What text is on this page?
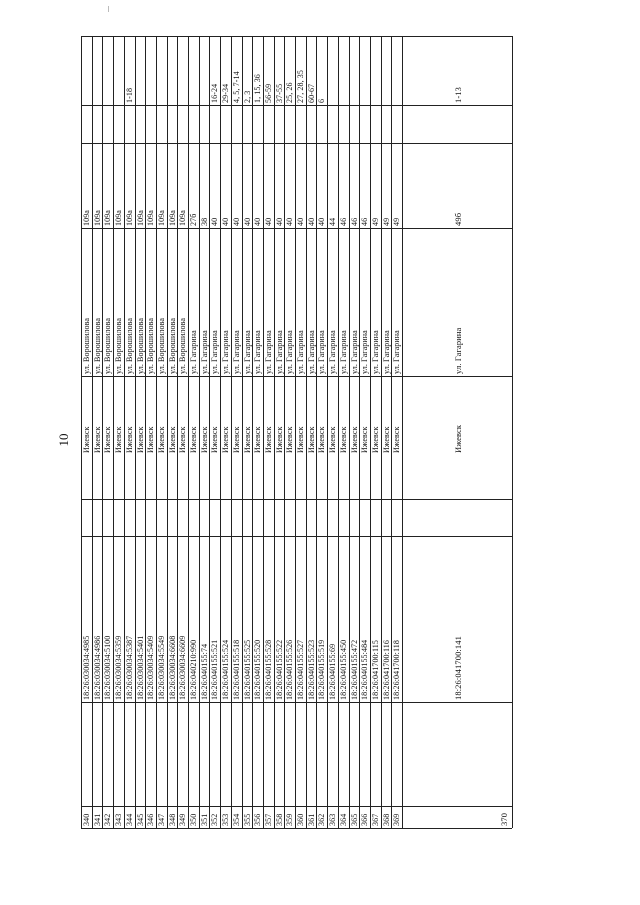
10
340
18:26:030034:4985
Ижевск
ул. Ворошилова
109а
341
18:26:030034:4986
Ижевск
ул. Ворошилова
109а
342
18:26:030034:5100
Ижевск
ул. Ворошилова
109а
343
18:26:030034:5359
Ижевск
ул. Ворошилова
109а
344
18:26:030034:5387
Ижевск
ул. Ворошилова
109а
1-18
345
18:26:030034:5401
Ижевск
ул. Ворошилова
109а
346
18:26:030034:5409
Ижевск
ул. Ворошилова
109а
347
18:26:030034:5549
Ижевск
ул. Ворошилова
109а
348
18:26:030034:6608
Ижевск
ул. Ворошилова
109а
349
18:26:030034:6609
Ижевск
ул. Ворошилова
109а
350
18:26:040210:990
Ижевск
ул. Гагарина
27б
351
18:26:040155:74
Ижевск
ул. Гагарина
38
352
18:26:040155:521
Ижевск
ул. Гагарина
40
16-24
353
18:26:040155:524
Ижевск
ул. Гагарина
40
29-34
354
18:26:040155:518
Ижевск
ул. Гагарина
40
4, 5, 7-14
355
18:26:040155:525
Ижевск
ул. Гагарина
40
2, 3
356
18:26:040155:520
Ижевск
ул. Гагарина
40
1, 15, 36
357
18:26:040155:528
Ижевск
ул. Гагарина
40
56-59
358
18:26:040155:522
Ижевск
ул. Гагарина
40
37-55
359
18:26:040155:526
Ижевск
ул. Гагарина
40
25, 26
360
18:26:040155:527
Ижевск
ул. Гагарина
40
27, 28, 35
361
18:26:040155:523
Ижевск
ул. Гагарина
40
60-67
362
18:26:040155:519
Ижевск
ул. Гагарина
40
6
363
18:26:040155:69
Ижевск
ул. Гагарина
44
364
18:26:040155:450
Ижевск
ул. Гагарина
46
365
18:26:040155:472
Ижевск
ул. Гагарина
46
366
18:26:040155:484
Ижевск
ул. Гагарина
46
367
18:26:041700:115
Ижевск
ул. Гагарина
49
368
18:26:041700:116
Ижевск
ул. Гагарина
49
369
18:26:041700:118
Ижевск
ул. Гагарина
49
370
18:26:041700:141
Ижевск
ул. Гагарина
49б
1-13
